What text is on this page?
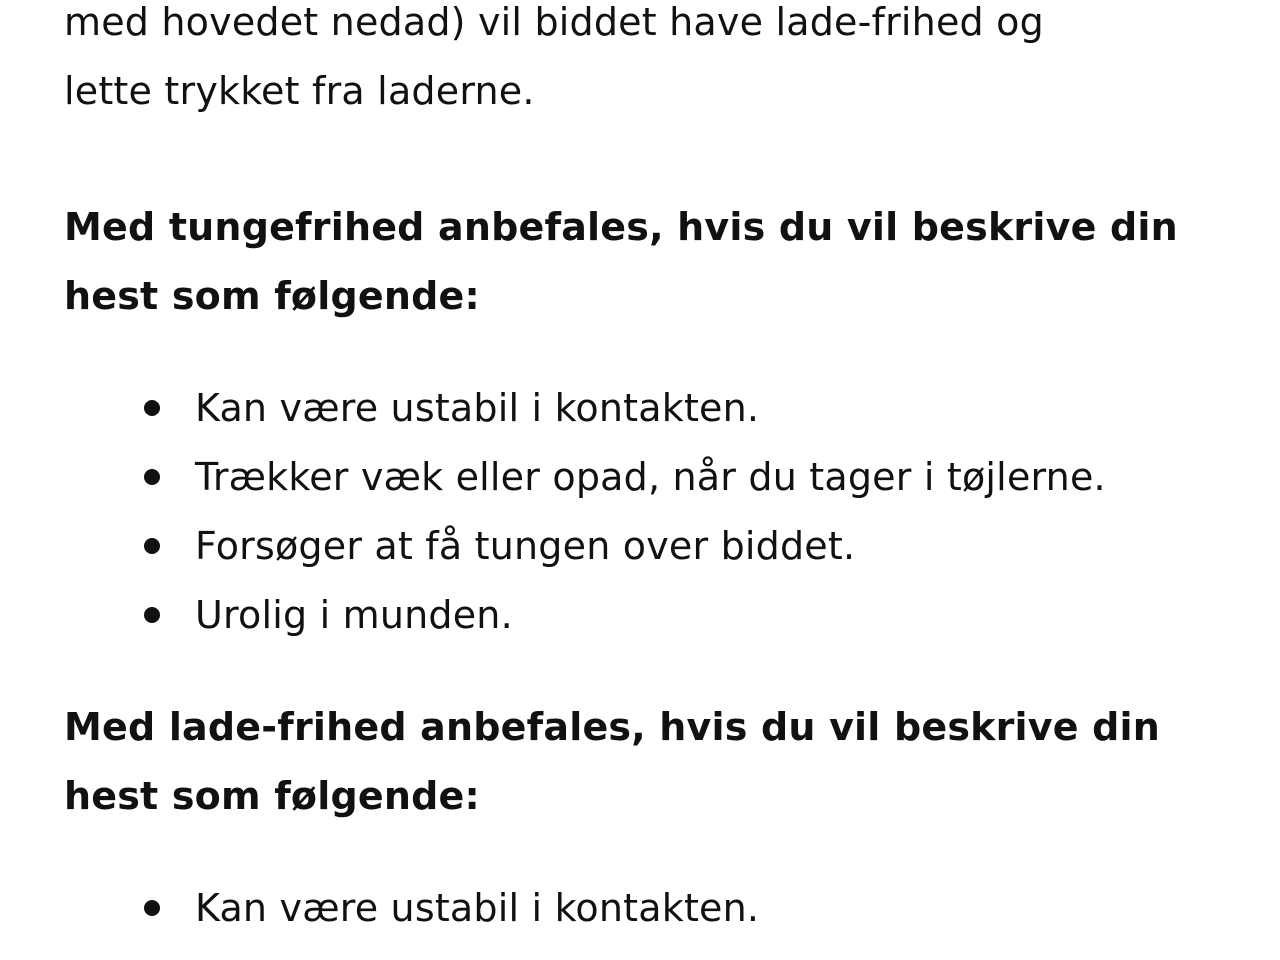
med hovedet nedad) vil biddet have lade-frihed og
lette trykket fra laderne.

Med tungefrihed anbefales, hvis du vil beskrive din
hest som følgende:

Kan være ustabil i kontakten.
Trækker væk eller opad, når du tager i tøjlerne.
Forsøger at få tungen over biddet.
Urolig i munden.

Med lade-frihed anbefales, hvis du vil beskrive din
hest som følgende:

Kan være ustabil i kontakten.
